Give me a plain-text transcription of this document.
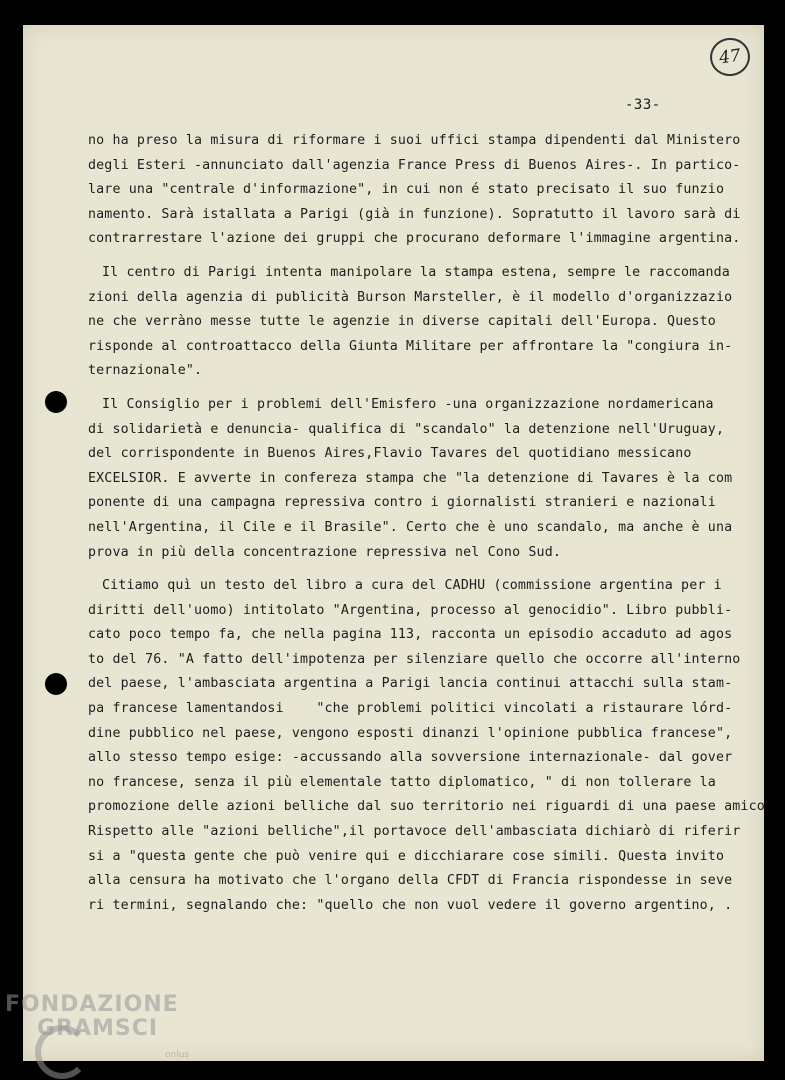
47
-33-
no ha preso la misura di riformare i suoi uffici stampa dipendenti dal Ministero
degli Esteri -annunciato dall'agenzia France Press di Buenos Aires-. In partico-
lare una "centrale d'informazione", in cui non é stato precisato il suo funzio
namento. Sarà istallata a Parigi (già in funzione). Sopratutto il lavoro sarà di
contrarrestare l'azione dei gruppi che procurano deformare l'immagine argentina.
Il centro di Parigi intenta manipolare la stampa estena, sempre le raccomanda
zioni della agenzia di publicità Burson Marsteller, è il modello d'organizzazio
ne che verràno messe tutte le agenzie in diverse capitali dell'Europa. Questo
risponde al controattacco della Giunta Militare per affrontare la "congiura in-
ternazionale".
Il Consiglio per i problemi dell'Emisfero -una organizzazione nordamericana
di solidarietà e denuncia- qualifica di "scandalo" la detenzione nell'Uruguay,
del corrispondente in Buenos Aires,Flavio Tavares del quotidiano messicano
EXCELSIOR. E avverte in confereza stampa che "la detenzione di Tavares è la com
ponente di una campagna repressiva contro i giornalisti stranieri e nazionali
nell'Argentina, il Cile e il Brasile". Certo che è uno scandalo, ma anche è una
prova in più della concentrazione repressiva nel Cono Sud.
Citiamo quì un testo del libro a cura del CADHU (commissione argentina per i
diritti dell'uomo) intitolato "Argentina, processo al genocidio". Libro pubbli-
cato poco tempo fa, che nella pagina 113, racconta un episodio accaduto ad agos
to del 76. "A fatto dell'impotenza per silenziare quello che occorre all'interno
del paese, l'ambasciata argentina a Parigi lancia continui attacchi sulla stam-
pa francese lamentandosi    "che problemi politici vincolati a ristaurare lórd-
dine pubblico nel paese, vengono esposti dinanzi l'opinione pubblica francese",
allo stesso tempo esige: -accussando alla sovversione internazionale- dal gover
no francese, senza il più elementale tatto diplomatico, " di non tollerare la
promozione delle azioni belliche dal suo territorio nei riguardi di una paese amico
Rispetto alle "azioni belliche",il portavoce dell'ambasciata dichiarò di riferir
si a "questa gente che può venire qui e dicchiarare cose simili. Questa invito
alla censura ha motivato che l'organo della CFDT di Francia rispondesse in seve
ri termini, segnalando che: "quello che non vuol vedere il governo argentino, .
FONDAZIONE
GRAMSCI
onlus
